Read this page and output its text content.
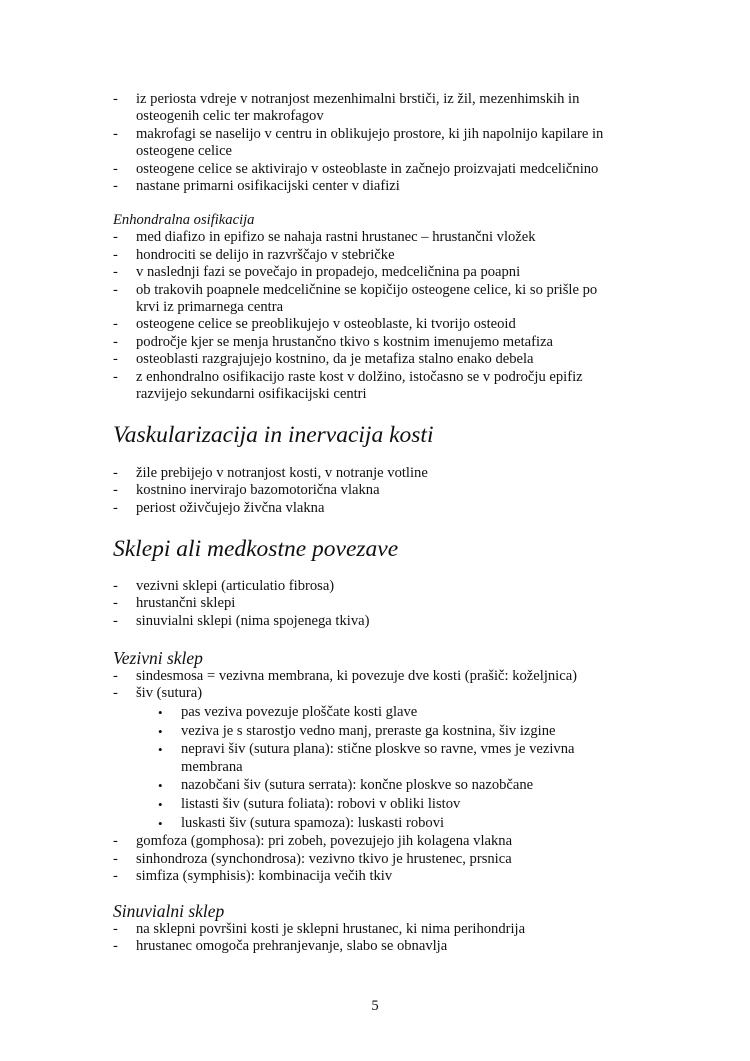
- iz periosta vdreje v notranjost mezenhimalni brstiči, iz žil, mezenhimskih in
osteogenih celic ter makrofagov
- makrofagi se naselijo v centru in oblikujejo prostore, ki jih napolnijo kapilare in
osteogene celice
- osteogene celice se aktivirajo v osteoblaste in začnejo proizvajati medceličnino
- nastane primarni osifikacijski center v diafizi
Enhondralna osifikacija
- med diafizo in epifizo se nahaja rastni hrustanec – hrustančni vložek
- hondrociti se delijo in razvrščajo v stebričke
- v naslednji fazi se povečajo in propadejo, medceličnina pa poapni
- ob trakovih poapnele medceličnine se kopičijo osteogene celice, ki so prišle po
krvi iz primarnega centra
- osteogene celice se preoblikujejo v osteoblaste, ki tvorijo osteoid
- področje kjer se menja hrustančno tkivo s kostnim imenujemo metafiza
- osteoblasti razgrajujejo kostnino, da je metafiza stalno enako debela
- z enhondralno osifikacijo raste kost v dolžino, istočasno se v področju epifiz
razvijejo sekundarni osifikacijski centri
Vaskularizacija in inervacija kosti
- žile prebijejo v notranjost kosti, v notranje votline
- kostnino inervirajo bazomotorična vlakna
- periost oživčujejo živčna vlakna
Sklepi ali medkostne povezave
- vezivni sklepi (articulatio fibrosa)
- hrustančni sklepi
- sinuvialni sklepi (nima spojenega tkiva)
Vezivni sklep
- sindesmosa = vezivna membrana, ki povezuje dve kosti (prašič: koželjnica)
- šiv (sutura)
• pas veziva povezuje ploščate kosti glave
• veziva je s starostjo vedno manj, preraste ga kostnina, šiv izgine
• nepravi šiv (sutura plana): stične ploskve so ravne, vmes je vezivna
membrana
• nazobčani šiv (sutura serrata): končne ploskve so nazobčane
• listasti šiv (sutura foliata): robovi v obliki listov
• luskasti šiv (sutura spamoza): luskasti robovi
- gomfoza (gomphosa): pri zobeh, povezujejo jih kolagena vlakna
- sinhondroza (synchondrosa): vezivno tkivo je hrustenec, prsnica
- simfiza (symphisis): kombinacija večih tkiv
Sinuvialni sklep
- na sklepni površini kosti je sklepni hrustanec, ki nima perihondrija
- hrustanec omogoča prehranjevanje, slabo se obnavlja
5
